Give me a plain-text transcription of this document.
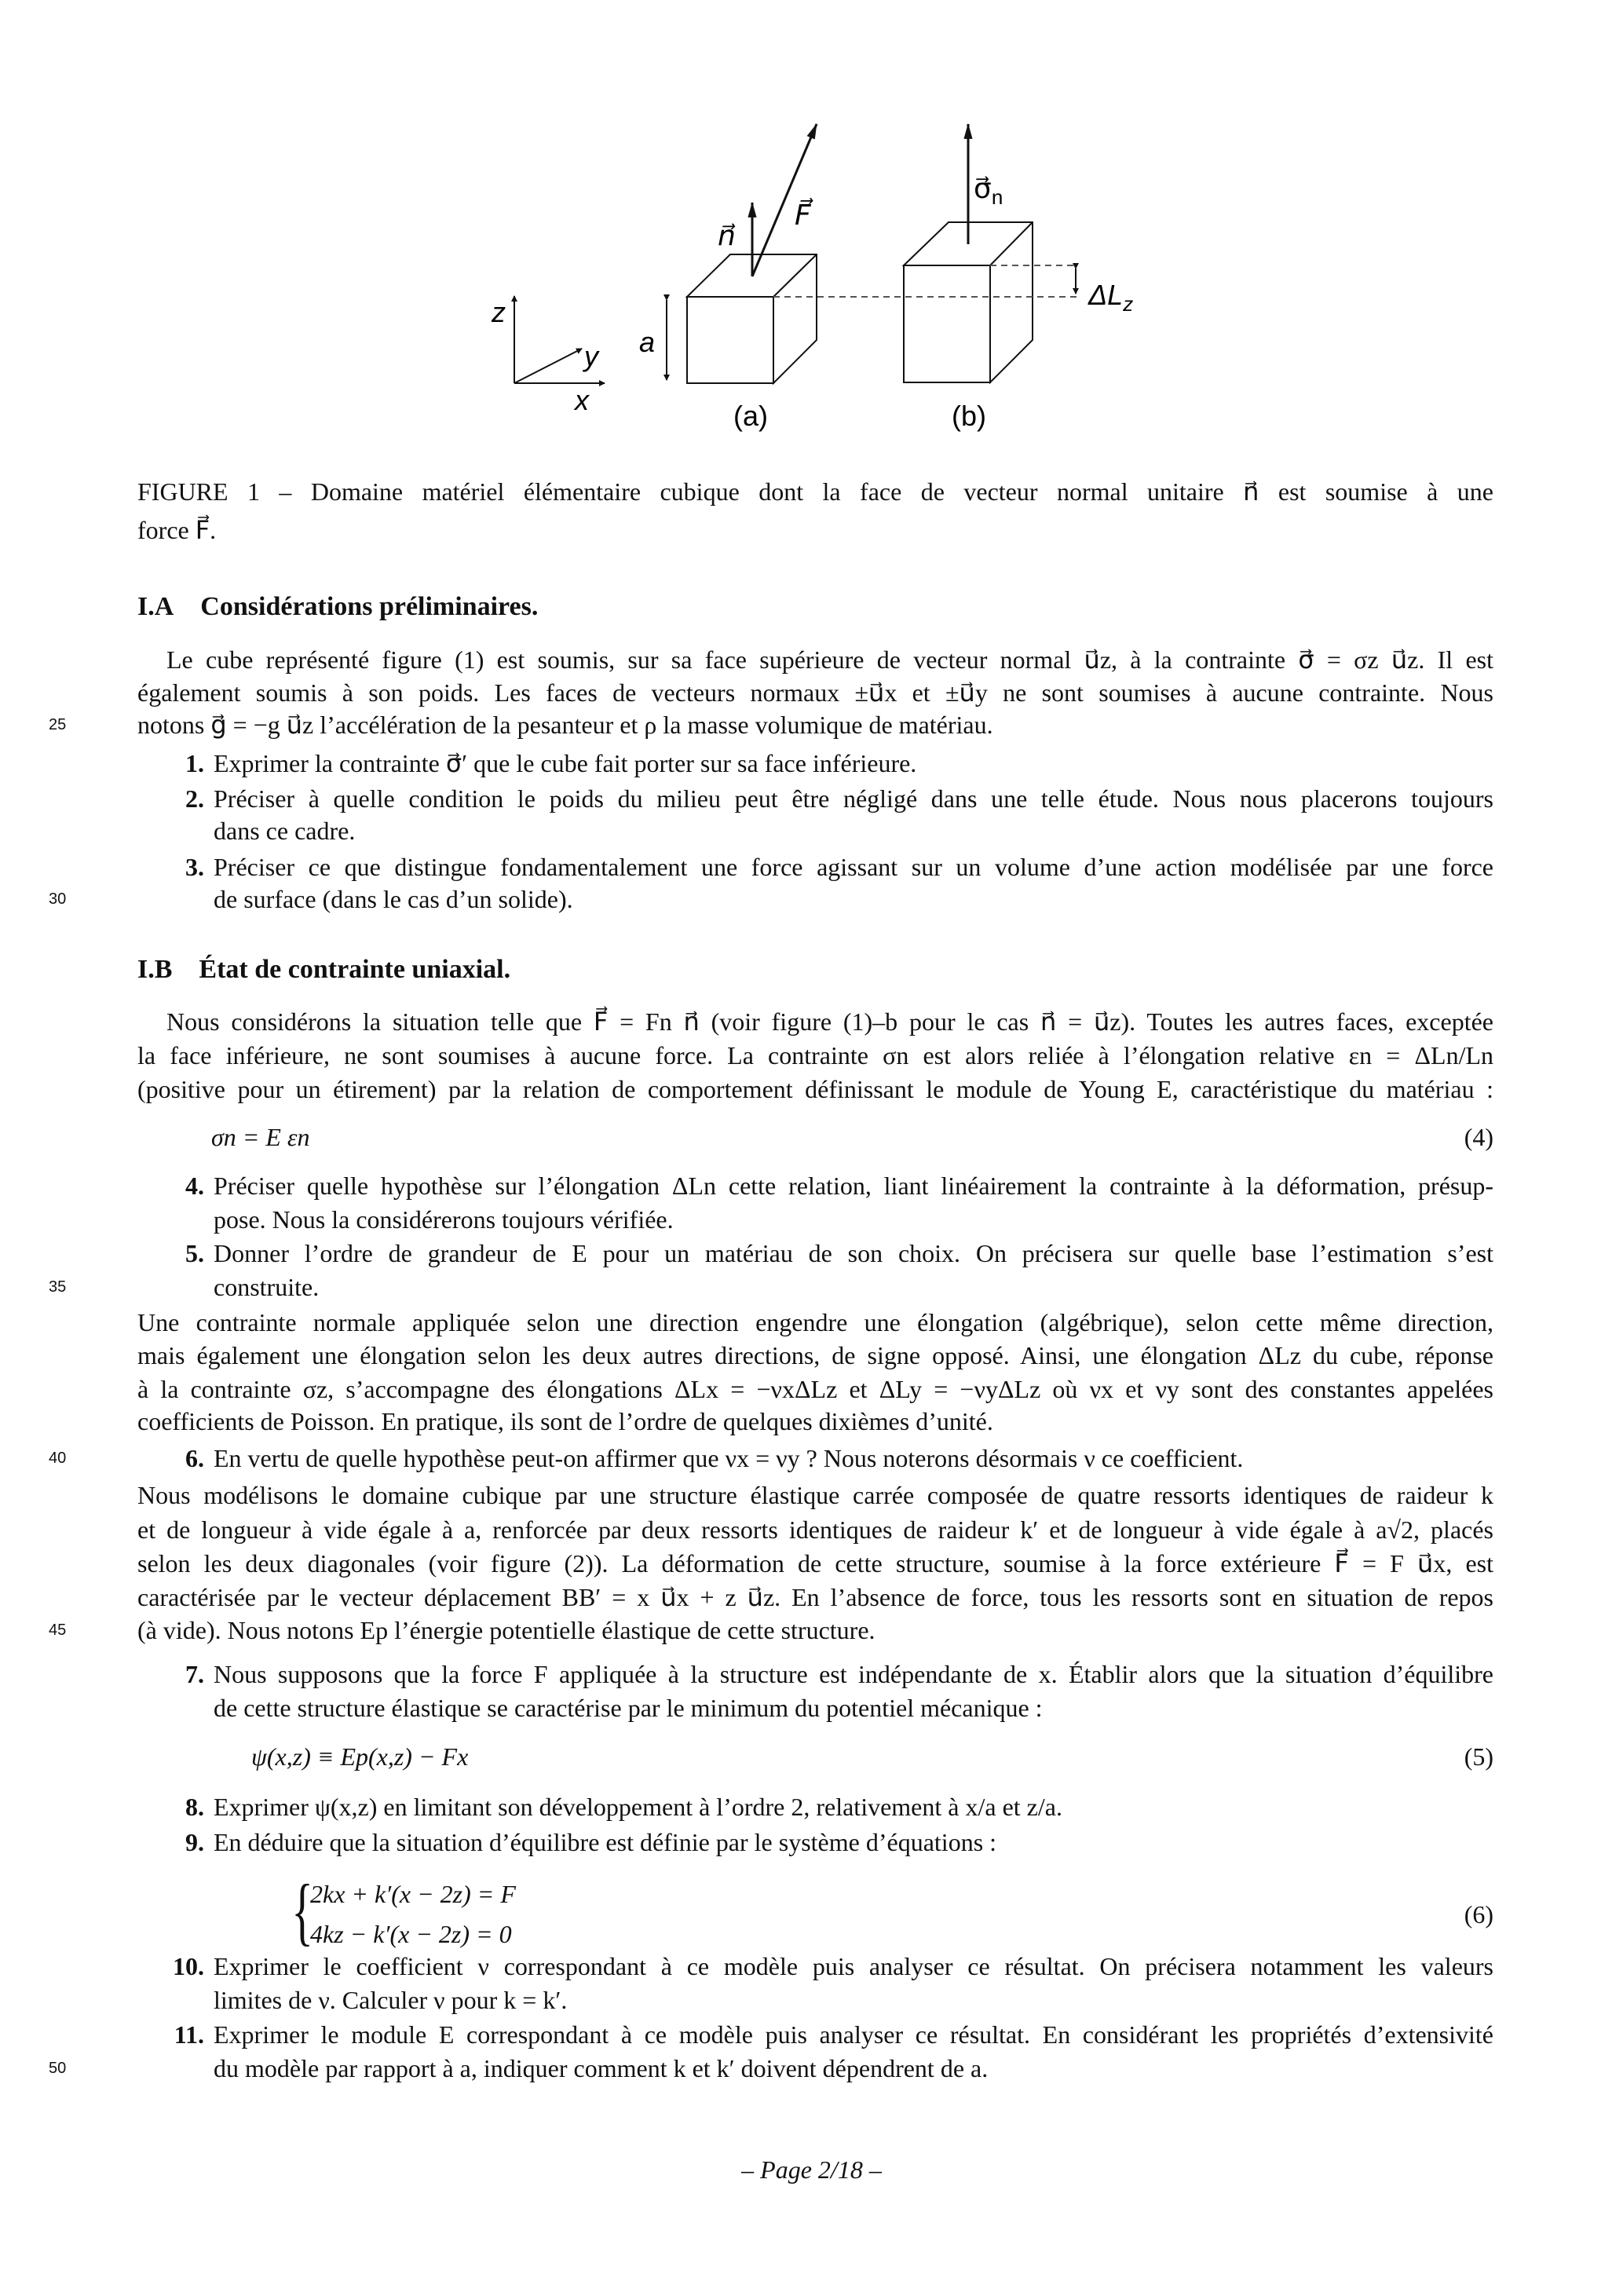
z
y
x
a
n⃗
F⃗
$\sigma⃗_n$
$\Delta L_z$
(a)	(b)
FIGURE 1 – Domaine matériel élémentaire cubique dont la face de vecteur normal unitaire n⃗ est soumise à une
force F⃗.
I.A Considérations préliminaires.
Le cube représenté figure (1) est soumis, sur sa face supérieure de vecteur normal u⃗z, à la contrainte σ⃗ = σz u⃗z. Il est
également soumis à son poids. Les faces de vecteurs normaux ±u⃗x et ±u⃗y ne sont soumises à aucune contrainte. Nous
notons g⃗ = −g u⃗z l’accélération de la pesanteur et ρ la masse volumique de matériau.
1. Exprimer la contrainte σ⃗′ que le cube fait porter sur sa face inférieure.
2. Préciser à quelle condition le poids du milieu peut être négligé dans une telle étude. Nous nous placerons toujours
dans ce cadre.
3. Préciser ce que distingue fondamentalement une force agissant sur un volume d’une action modélisée par une force
de surface (dans le cas d’un solide).
I.B État de contrainte uniaxial.
Nous considérons la situation telle que F⃗ = Fn n⃗ (voir figure (1)–b pour le cas n⃗ = u⃗z). Toutes les autres faces, exceptée
la face inférieure, ne sont soumises à aucune force. La contrainte σn est alors reliée à l’élongation relative εn = ΔLn/Ln
(positive pour un étirement) par la relation de comportement définissant le module de Young E, caractéristique du matériau :
σn = E εn	(4)
4. Préciser quelle hypothèse sur l’élongation ΔLn cette relation, liant linéairement la contrainte à la déformation, présup-
pose. Nous la considérerons toujours vérifiée.
5. Donner l’ordre de grandeur de E pour un matériau de son choix. On précisera sur quelle base l’estimation s’est
construite.
Une contrainte normale appliquée selon une direction engendre une élongation (algébrique), selon cette même direction,
mais également une élongation selon les deux autres directions, de signe opposé. Ainsi, une élongation ΔLz du cube, réponse
à la contrainte σz, s’accompagne des élongations ΔLx = −νxΔLz et ΔLy = −νyΔLz où νx et νy sont des constantes appelées
coefficients de Poisson. En pratique, ils sont de l’ordre de quelques dixièmes d’unité.
6. En vertu de quelle hypothèse peut-on affirmer que νx = νy ? Nous noterons désormais ν ce coefficient.
Nous modélisons le domaine cubique par une structure élastique carrée composée de quatre ressorts identiques de raideur k
et de longueur à vide égale à a, renforcée par deux ressorts identiques de raideur k′ et de longueur à vide égale à a√2, placés
selon les deux diagonales (voir figure (2)). La déformation de cette structure, soumise à la force extérieure F⃗ = F u⃗x, est
caractérisée par le vecteur déplacement BB′ = x u⃗x + z u⃗z. En l’absence de force, tous les ressorts sont en situation de repos
(à vide). Nous notons Ep l’énergie potentielle élastique de cette structure.
7. Nous supposons que la force F appliquée à la structure est indépendante de x. Établir alors que la situation d’équilibre
de cette structure élastique se caractérise par le minimum du potentiel mécanique :
ψ(x,z) ≡ Ep(x,z) − Fx	(5)
8. Exprimer ψ(x,z) en limitant son développement à l’ordre 2, relativement à x/a et z/a.
9. En déduire que la situation d’équilibre est définie par le système d’équations :
{
2kx + k′(x − 2z) = F
4kz − k′(x − 2z) = 0
(6)
10. Exprimer le coefficient ν correspondant à ce modèle puis analyser ce résultat. On précisera notamment les valeurs
limites de ν. Calculer ν pour k = k′.
11. Exprimer le module E correspondant à ce modèle puis analyser ce résultat. En considérant les propriétés d’extensivité
du modèle par rapport à a, indiquer comment k et k′ doivent dépendrent de a.
25
30
35
40
45
50
– Page 2/18 –
